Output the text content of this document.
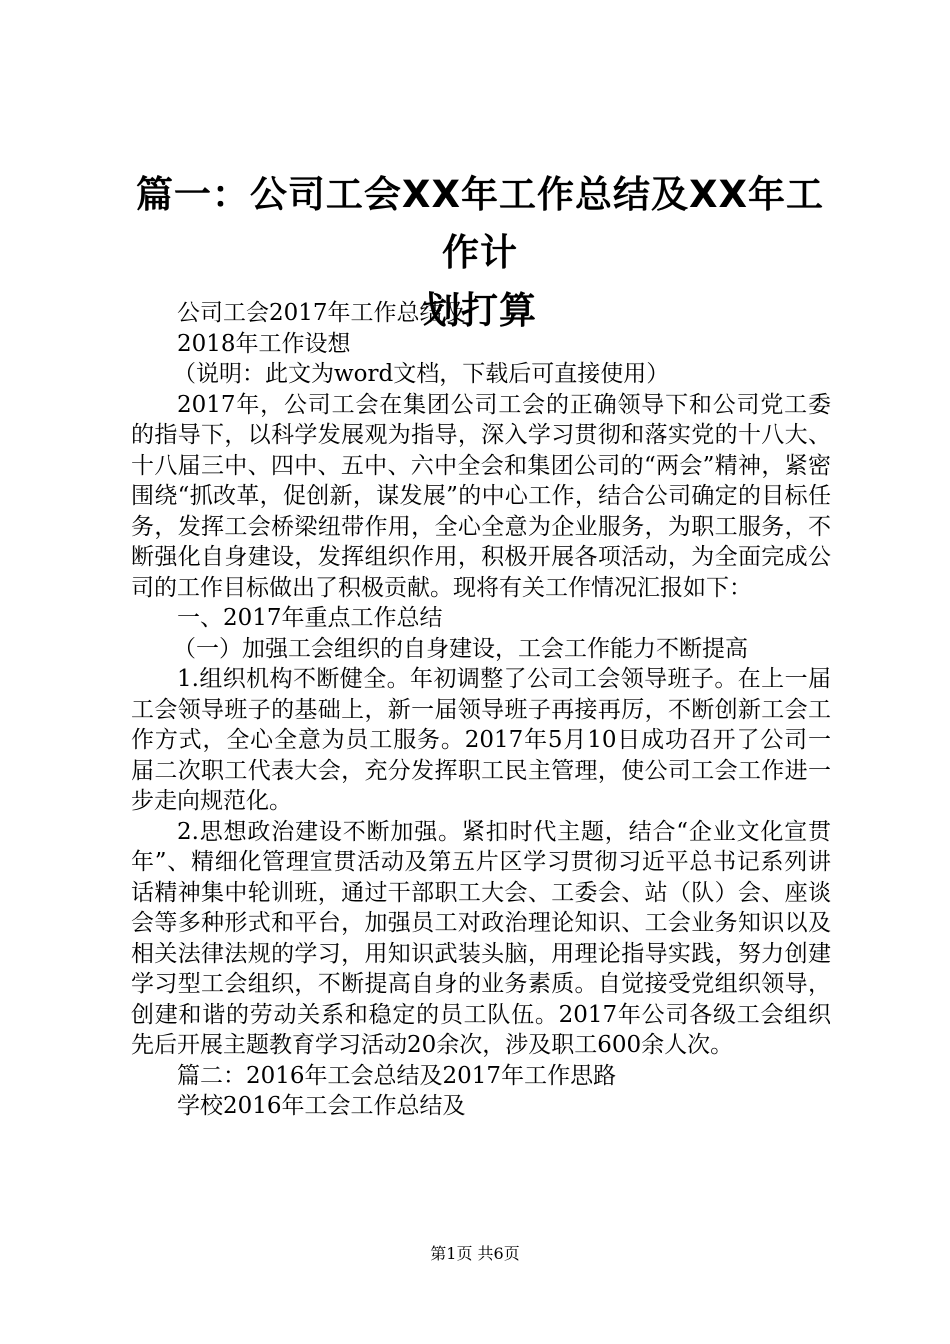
篇一：公司工会XX年工作总结及XX年工作计
划打算

公司工会2017年工作总结及

2018年工作设想

（说明：此文为word文档，下载后可直接使用）

2017年，公司工会在集团公司工会的正确领导下和公司党工委的指导下，以科学发展观为指导，深入学习贯彻和落实党的十八大、十八届三中、四中、五中、六中全会和集团公司的“两会”精神，紧密围绕“抓改革，促创新，谋发展”的中心工作，结合公司确定的目标任务，发挥工会桥梁纽带作用，全心全意为企业服务，为职工服务，不断强化自身建设，发挥组织作用，积极开展各项活动，为全面完成公司的工作目标做出了积极贡献。现将有关工作情况汇报如下：

一、2017年重点工作总结

（一）加强工会组织的自身建设，工会工作能力不断提高

1.组织机构不断健全。年初调整了公司工会领导班子。在上一届工会领导班子的基础上，新一届领导班子再接再厉，不断创新工会工作方式，全心全意为员工服务。2017年5月10日成功召开了公司一届二次职工代表大会，充分发挥职工民主管理，使公司工会工作进一步走向规范化。

2.思想政治建设不断加强。紧扣时代主题，结合“企业文化宣贯年”、精细化管理宣贯活动及第五片区学习贯彻习近平总书记系列讲话精神集中轮训班，通过干部职工大会、工委会、站（队）会、座谈会等多种形式和平台，加强员工对政治理论知识、工会业务知识以及相关法律法规的学习，用知识武装头脑，用理论指导实践，努力创建学习型工会组织，不断提高自身的业务素质。自觉接受党组织领导，创建和谐的劳动关系和稳定的员工队伍。2017年公司各级工会组织先后开展主题教育学习活动20余次，涉及职工600余人次。

篇二：2016年工会总结及2017年工作思路

学校2016年工会工作总结及

第1页 共6页
